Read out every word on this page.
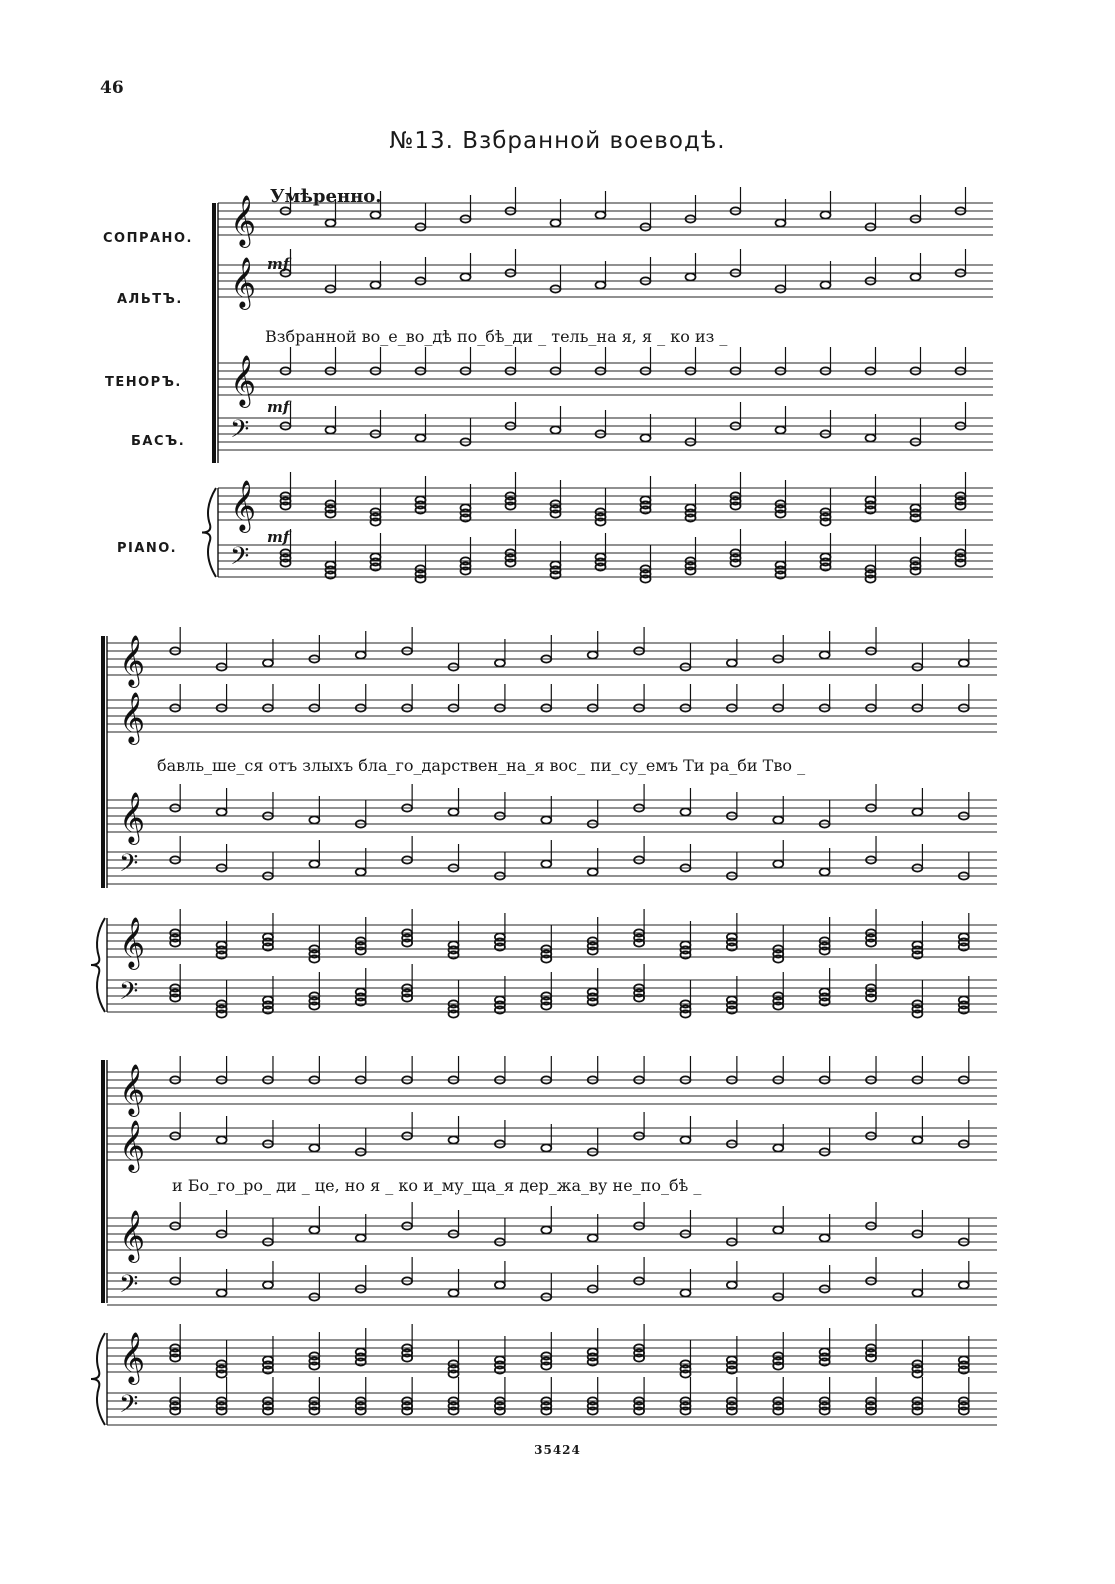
46
№13. Взбранной воеводѣ.
Умѣренно.
СОПРАНО.
АЛЬТЪ.
ТЕНОРЪ.
БАСЪ.
PIANO.
mf
mf
mf
Взбранной во_е_во_дѣ по_бѣ_ди _ тель_на я, я _ ко из _
бавль_ше_ся отъ злыхъ бла_го_дарствен_на_я вос_ пи_су_емъ Ти ра_би Тво _
и Бо_го_ро_ ди _ це, но я _ ко и_му_ща_я дер_жа_ву не_по_бѣ _
35424
𝄞
𝄞
𝄞
𝄢
𝄞
𝄢
𝄞
𝄞
𝄞
𝄢
𝄞
𝄢
𝄞
𝄞
𝄞
𝄢
𝄞
𝄢
